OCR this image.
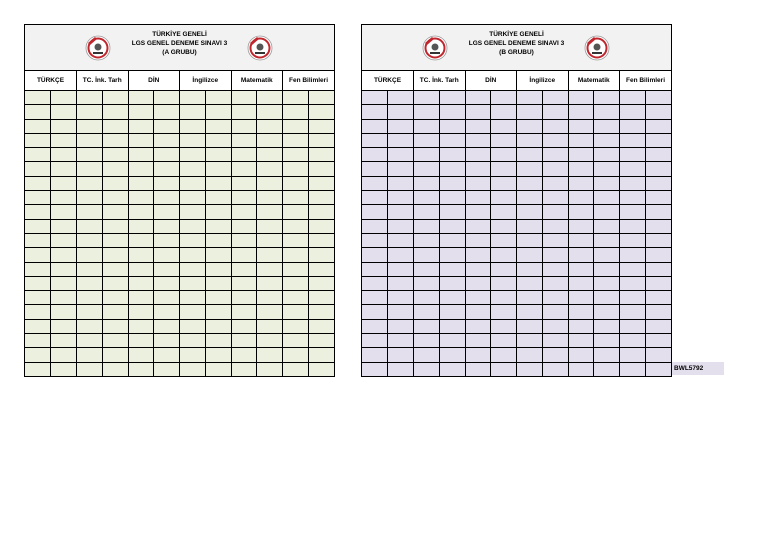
TÜRKİYE GENELİ
LGS GENEL DENEME SINAVI 3
(A GRUBU)
TÜRKÇE		TC. İnk. Tarh		DİN		İngilizce		Matematik		Fen Bilimleri	

TÜRKİYE GENELİ
LGS GENEL DENEME SINAVI 3
(B GRUBU)
TÜRKÇE		TC. İnk. Tarh		DİN		İngilizce		Matematik		Fen Bilimleri	

BWL5792
